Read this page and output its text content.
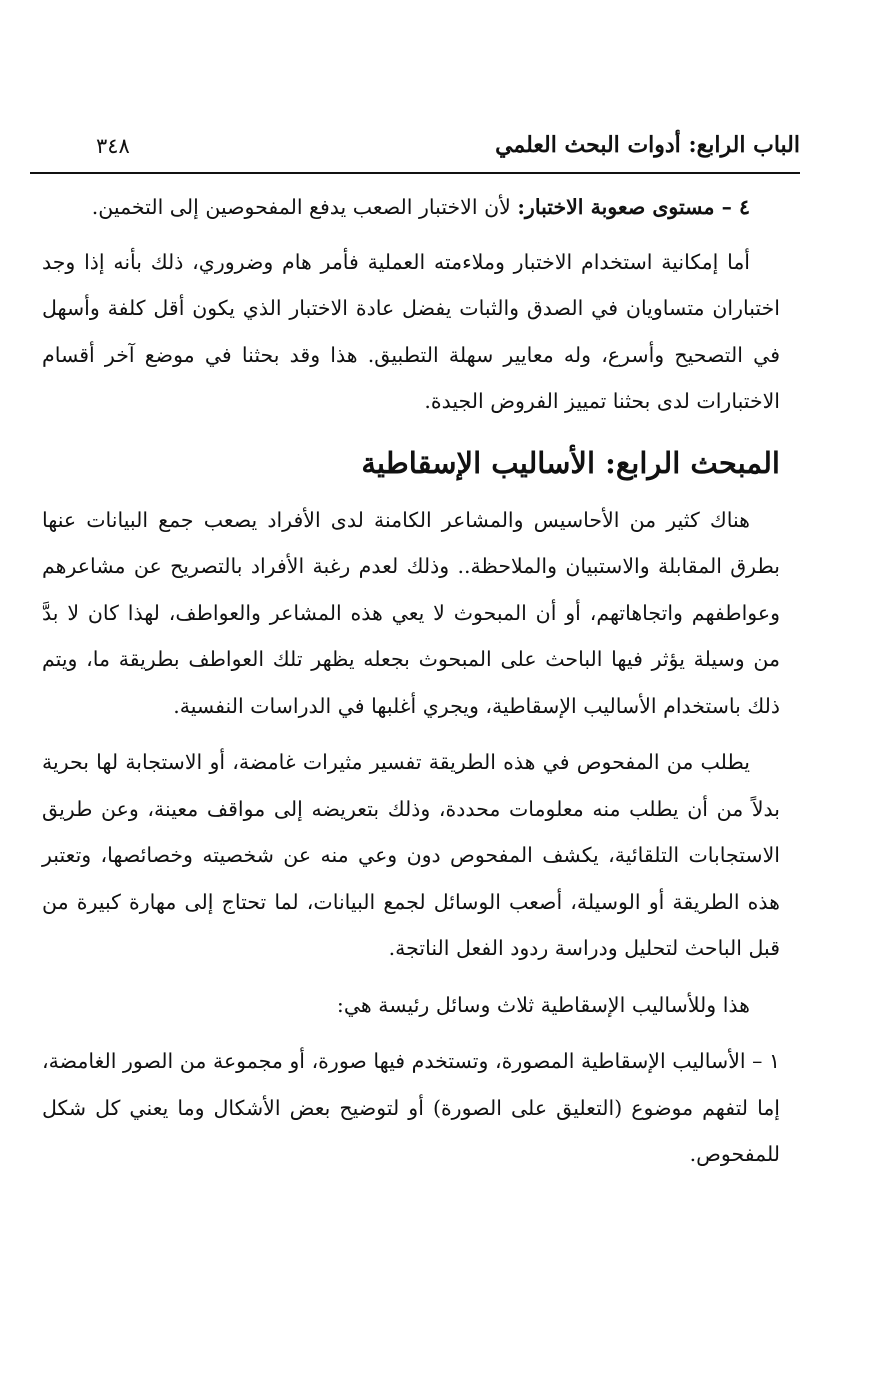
الباب الرابع: أدوات البحث العلمي
٣٤٨

٤ – مستوى صعوبة الاختبار: لأن الاختبار الصعب يدفع المفحوصين إلى التخمين.

أما إمكانية استخدام الاختبار وملاءمته العملية فأمر هام وضروري، ذلك بأنه إذا وجد اختباران متساويان في الصدق والثبات يفضل عادة الاختبار الذي يكون أقل كلفة وأسهل في التصحيح وأسرع، وله معايير سهلة التطبيق. هذا وقد بحثنا في موضع آخر أقسام الاختبارات لدى بحثنا تمييز الفروض الجيدة.

المبحث الرابع: الأساليب الإسقاطية

هناك كثير من الأحاسيس والمشاعر الكامنة لدى الأفراد يصعب جمع البيانات عنها بطرق المقابلة والاستبيان والملاحظة.. وذلك لعدم رغبة الأفراد بالتصريح عن مشاعرهم وعواطفهم واتجاهاتهم، أو أن المبحوث لا يعي هذه المشاعر والعواطف، لهذا كان لا بدَّ من وسيلة يؤثر فيها الباحث على المبحوث بجعله يظهر تلك العواطف بطريقة ما، ويتم ذلك باستخدام الأساليب الإسقاطية، ويجري أغلبها في الدراسات النفسية.

يطلب من المفحوص في هذه الطريقة تفسير مثيرات غامضة، أو الاستجابة لها بحرية بدلاً من أن يطلب منه معلومات محددة، وذلك بتعريضه إلى مواقف معينة، وعن طريق الاستجابات التلقائية، يكشف المفحوص دون وعي منه عن شخصيته وخصائصها، وتعتبر هذه الطريقة أو الوسيلة، أصعب الوسائل لجمع البيانات، لما تحتاج إلى مهارة كبيرة من قبل الباحث لتحليل ودراسة ردود الفعل الناتجة.

هذا وللأساليب الإسقاطية ثلاث وسائل رئيسة هي:

١ – الأساليب الإسقاطية المصورة، وتستخدم فيها صورة، أو مجموعة من الصور الغامضة، إما لتفهم موضوع (التعليق على الصورة) أو لتوضيح بعض الأشكال وما يعني كل شكل للمفحوص.
